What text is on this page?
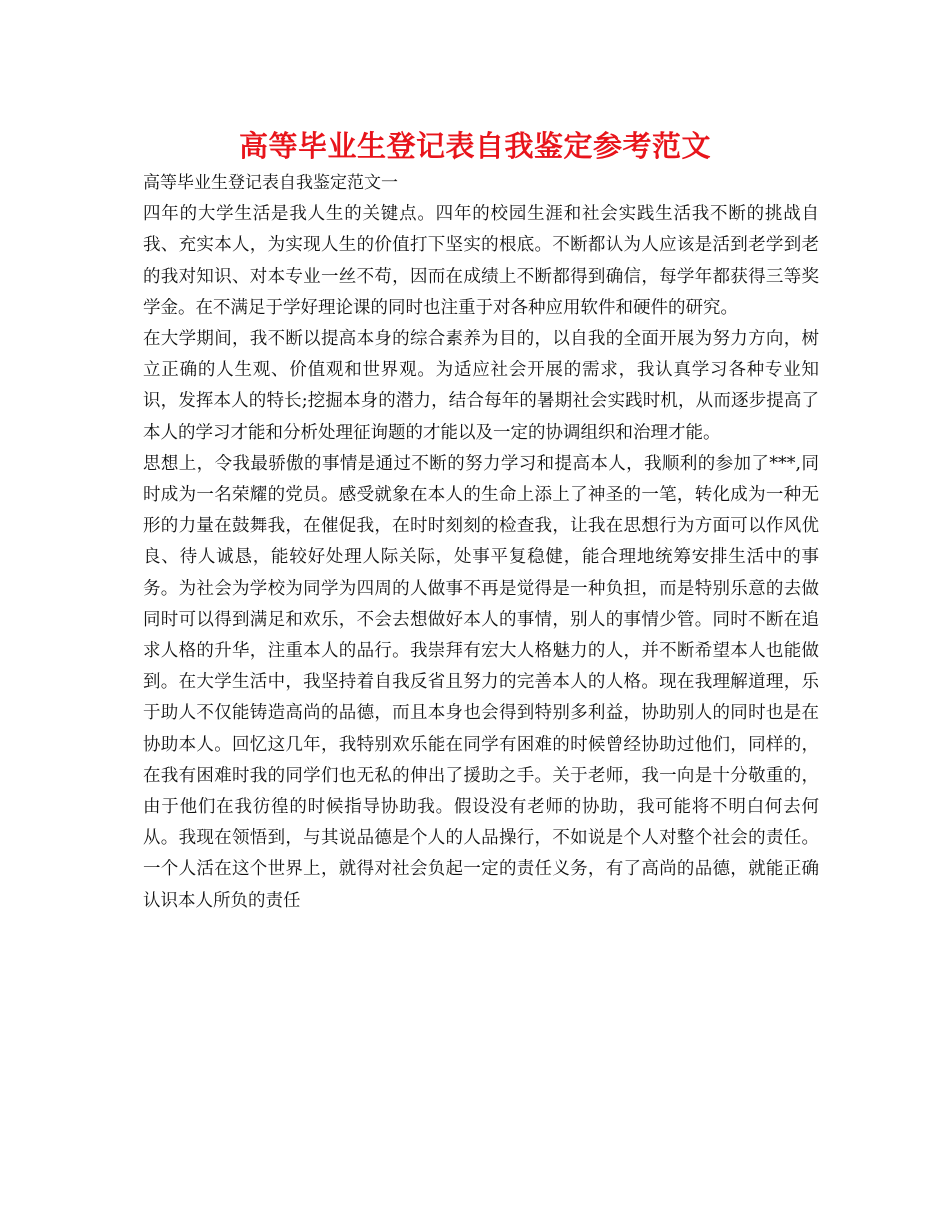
高等毕业生登记表自我鉴定参考范文

高等毕业生登记表自我鉴定范文一

四年的大学生活是我人生的关键点。四年的校园生涯和社会实践生活我不断的挑战自我、充实本人，为实现人生的价值打下坚实的根底。不断都认为人应该是活到老学到老的我对知识、对本专业一丝不苟，因而在成绩上不断都得到确信，每学年都获得三等奖学金。在不满足于学好理论课的同时也注重于对各种应用软件和硬件的研究。

在大学期间，我不断以提高本身的综合素养为目的，以自我的全面开展为努力方向，树立正确的人生观、价值观和世界观。为适应社会开展的需求，我认真学习各种专业知识，发挥本人的特长;挖掘本身的潜力，结合每年的暑期社会实践时机，从而逐步提高了本人的学习才能和分析处理征询题的才能以及一定的协调组织和治理才能。

思想上，令我最骄傲的事情是通过不断的努力学习和提高本人，我顺利的参加了***,同时成为一名荣耀的党员。感受就象在本人的生命上添上了神圣的一笔，转化成为一种无形的力量在鼓舞我，在催促我，在时时刻刻的检查我，让我在思想行为方面可以作风优良、待人诚恳，能较好处理人际关际，处事平复稳健，能合理地统筹安排生活中的事务。为社会为学校为同学为四周的人做事不再是觉得是一种负担，而是特别乐意的去做同时可以得到满足和欢乐，不会去想做好本人的事情，别人的事情少管。同时不断在追求人格的升华，注重本人的品行。我崇拜有宏大人格魅力的人，并不断希望本人也能做到。在大学生活中，我坚持着自我反省且努力的完善本人的人格。现在我理解道理，乐于助人不仅能铸造高尚的品德，而且本身也会得到特别多利益，协助别人的同时也是在协助本人。回忆这几年，我特别欢乐能在同学有困难的时候曾经协助过他们，同样的，在我有困难时我的同学们也无私的伸出了援助之手。关于老师，我一向是十分敬重的，由于他们在我彷徨的时候指导协助我。假设没有老师的协助，我可能将不明白何去何从。我现在领悟到，与其说品德是个人的人品操行，不如说是个人对整个社会的责任。一个人活在这个世界上，就得对社会负起一定的责任义务，有了高尚的品德，就能正确认识本人所负的责任
